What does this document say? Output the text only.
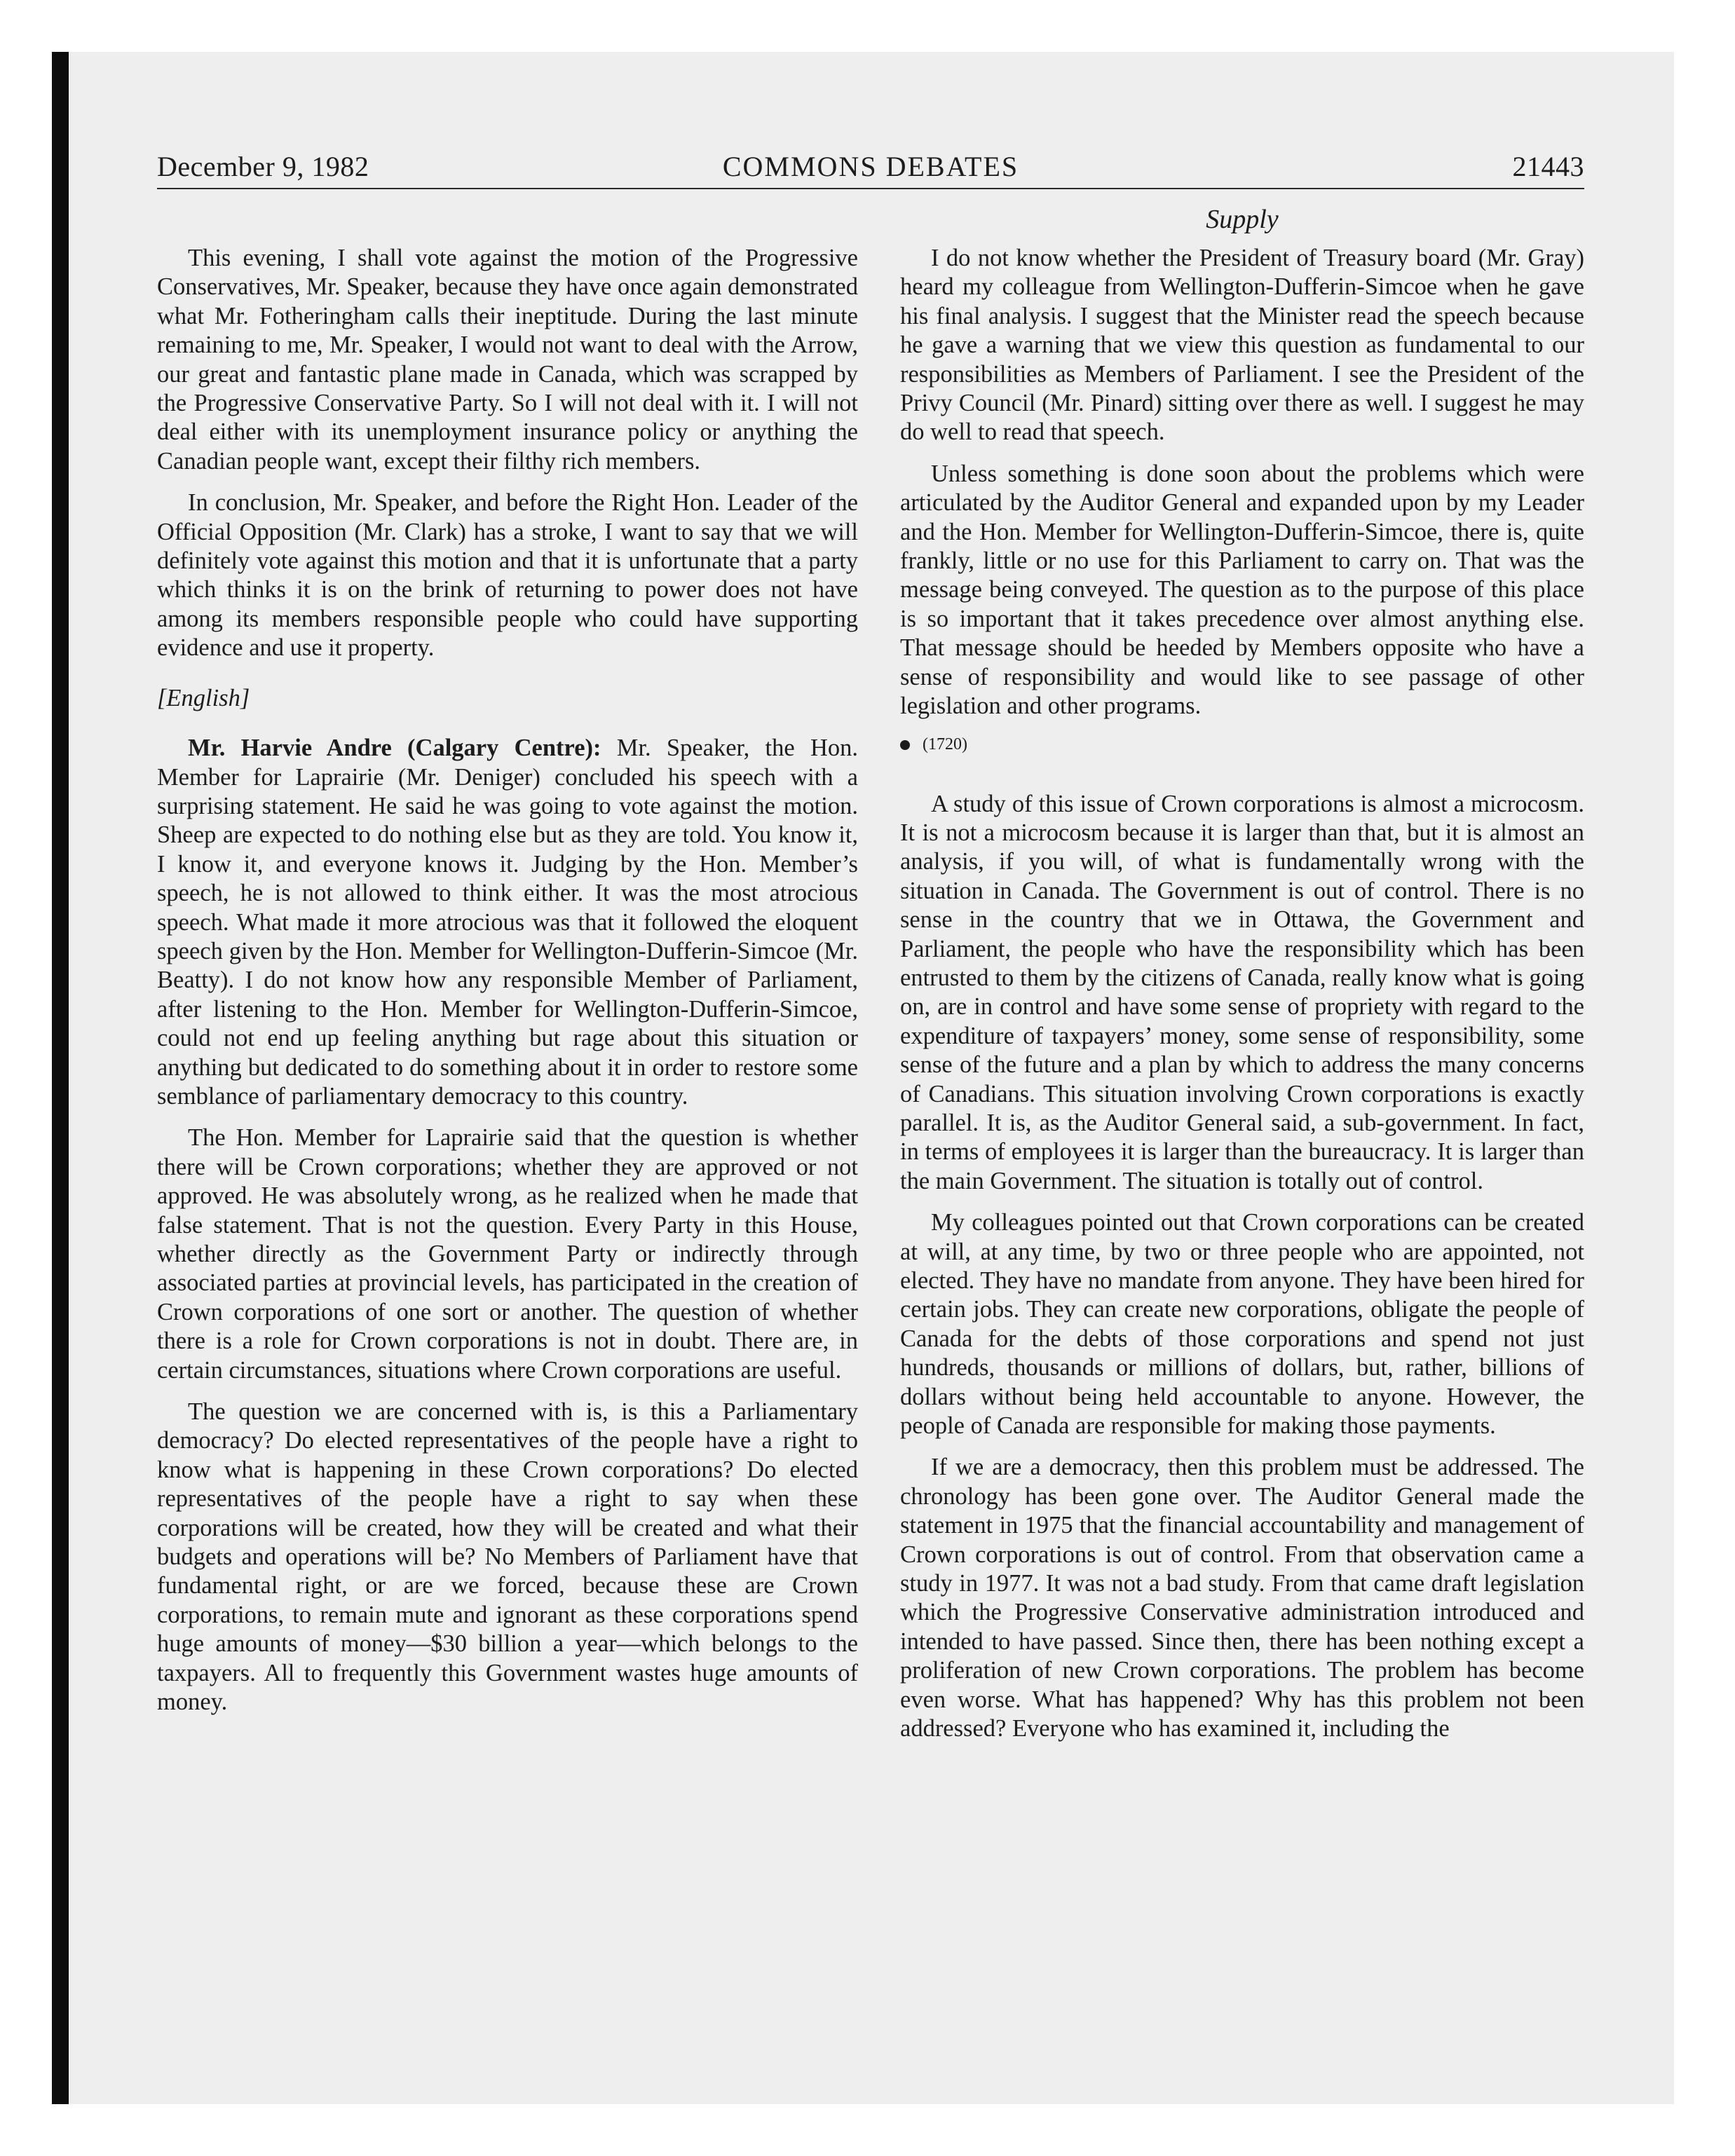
COMMONS DEBATES
December 9, 1982	21443
Supply

This evening, I shall vote against the motion of the Progressive Conservatives, Mr. Speaker, because they have once again demonstrated what Mr. Fotheringham calls their ineptitude. During the last minute remaining to me, Mr. Speaker, I would not want to deal with the Arrow, our great and fantastic plane made in Canada, which was scrapped by the Progressive Conservative Party. So I will not deal with it. I will not deal either with its unemployment insurance policy or anything the Canadian people want, except their filthy rich members.

In conclusion, Mr. Speaker, and before the Right Hon. Leader of the Official Opposition (Mr. Clark) has a stroke, I want to say that we will definitely vote against this motion and that it is unfortunate that a party which thinks it is on the brink of returning to power does not have among its members responsible people who could have supporting evidence and use it property.

[English]

Mr. Harvie Andre (Calgary Centre): Mr. Speaker, the Hon. Member for Laprairie (Mr. Deniger) concluded his speech with a surprising statement. He said he was going to vote against the motion. Sheep are expected to do nothing else but as they are told. You know it, I know it, and everyone knows it. Judging by the Hon. Member’s speech, he is not allowed to think either. It was the most atrocious speech. What made it more atrocious was that it followed the eloquent speech given by the Hon. Member for Wellington-Dufferin-Simcoe (Mr. Beatty). I do not know how any responsible Member of Parliament, after listening to the Hon. Member for Wellington-Dufferin-Simcoe, could not end up feeling anything but rage about this situation or anything but dedicated to do something about it in order to restore some semblance of parliamentary democracy to this country.

The Hon. Member for Laprairie said that the question is whether there will be Crown corporations; whether they are approved or not approved. He was absolutely wrong, as he realized when he made that false statement. That is not the question. Every Party in this House, whether directly as the Government Party or indirectly through associated parties at provincial levels, has participated in the creation of Crown corporations of one sort or another. The question of whether there is a role for Crown corporations is not in doubt. There are, in certain circumstances, situations where Crown corporations are useful.

The question we are concerned with is, is this a Parliamentary democracy? Do elected representatives of the people have a right to know what is happening in these Crown corporations? Do elected representatives of the people have a right to say when these corporations will be created, how they will be created and what their budgets and operations will be? No Members of Parliament have that fundamental right, or are we forced, because these are Crown corporations, to remain mute and ignorant as these corporations spend huge amounts of money—$30 billion a year—which belongs to the taxpayers. All to frequently this Government wastes huge amounts of money.

I do not know whether the President of Treasury board (Mr. Gray) heard my colleague from Wellington-Dufferin-Simcoe when he gave his final analysis. I suggest that the Minister read the speech because he gave a warning that we view this question as fundamental to our responsibilities as Members of Parliament. I see the President of the Privy Council (Mr. Pinard) sitting over there as well. I suggest he may do well to read that speech.

Unless something is done soon about the problems which were articulated by the Auditor General and expanded upon by my Leader and the Hon. Member for Wellington-Dufferin-Simcoe, there is, quite frankly, little or no use for this Parliament to carry on. That was the message being conveyed. The question as to the purpose of this place is so important that it takes precedence over almost anything else. That message should be heeded by Members opposite who have a sense of responsibility and would like to see passage of other legislation and other programs.

(1720)

A study of this issue of Crown corporations is almost a microcosm. It is not a microcosm because it is larger than that, but it is almost an analysis, if you will, of what is fundamentally wrong with the situation in Canada. The Government is out of control. There is no sense in the country that we in Ottawa, the Government and Parliament, the people who have the responsibility which has been entrusted to them by the citizens of Canada, really know what is going on, are in control and have some sense of propriety with regard to the expenditure of taxpayers’ money, some sense of responsibility, some sense of the future and a plan by which to address the many concerns of Canadians. This situation involving Crown corporations is exactly parallel. It is, as the Auditor General said, a sub-government. In fact, in terms of employees it is larger than the bureaucracy. It is larger than the main Government. The situation is totally out of control.

My colleagues pointed out that Crown corporations can be created at will, at any time, by two or three people who are appointed, not elected. They have no mandate from anyone. They have been hired for certain jobs. They can create new corporations, obligate the people of Canada for the debts of those corporations and spend not just hundreds, thousands or millions of dollars, but, rather, billions of dollars without being held accountable to anyone. However, the people of Canada are responsible for making those payments.

If we are a democracy, then this problem must be addressed. The chronology has been gone over. The Auditor General made the statement in 1975 that the financial accountability and management of Crown corporations is out of control. From that observation came a study in 1977. It was not a bad study. From that came draft legislation which the Progressive Conservative administration introduced and intended to have passed. Since then, there has been nothing except a proliferation of new Crown corporations. The problem has become even worse. What has happened? Why has this problem not been addressed? Everyone who has examined it, including the
